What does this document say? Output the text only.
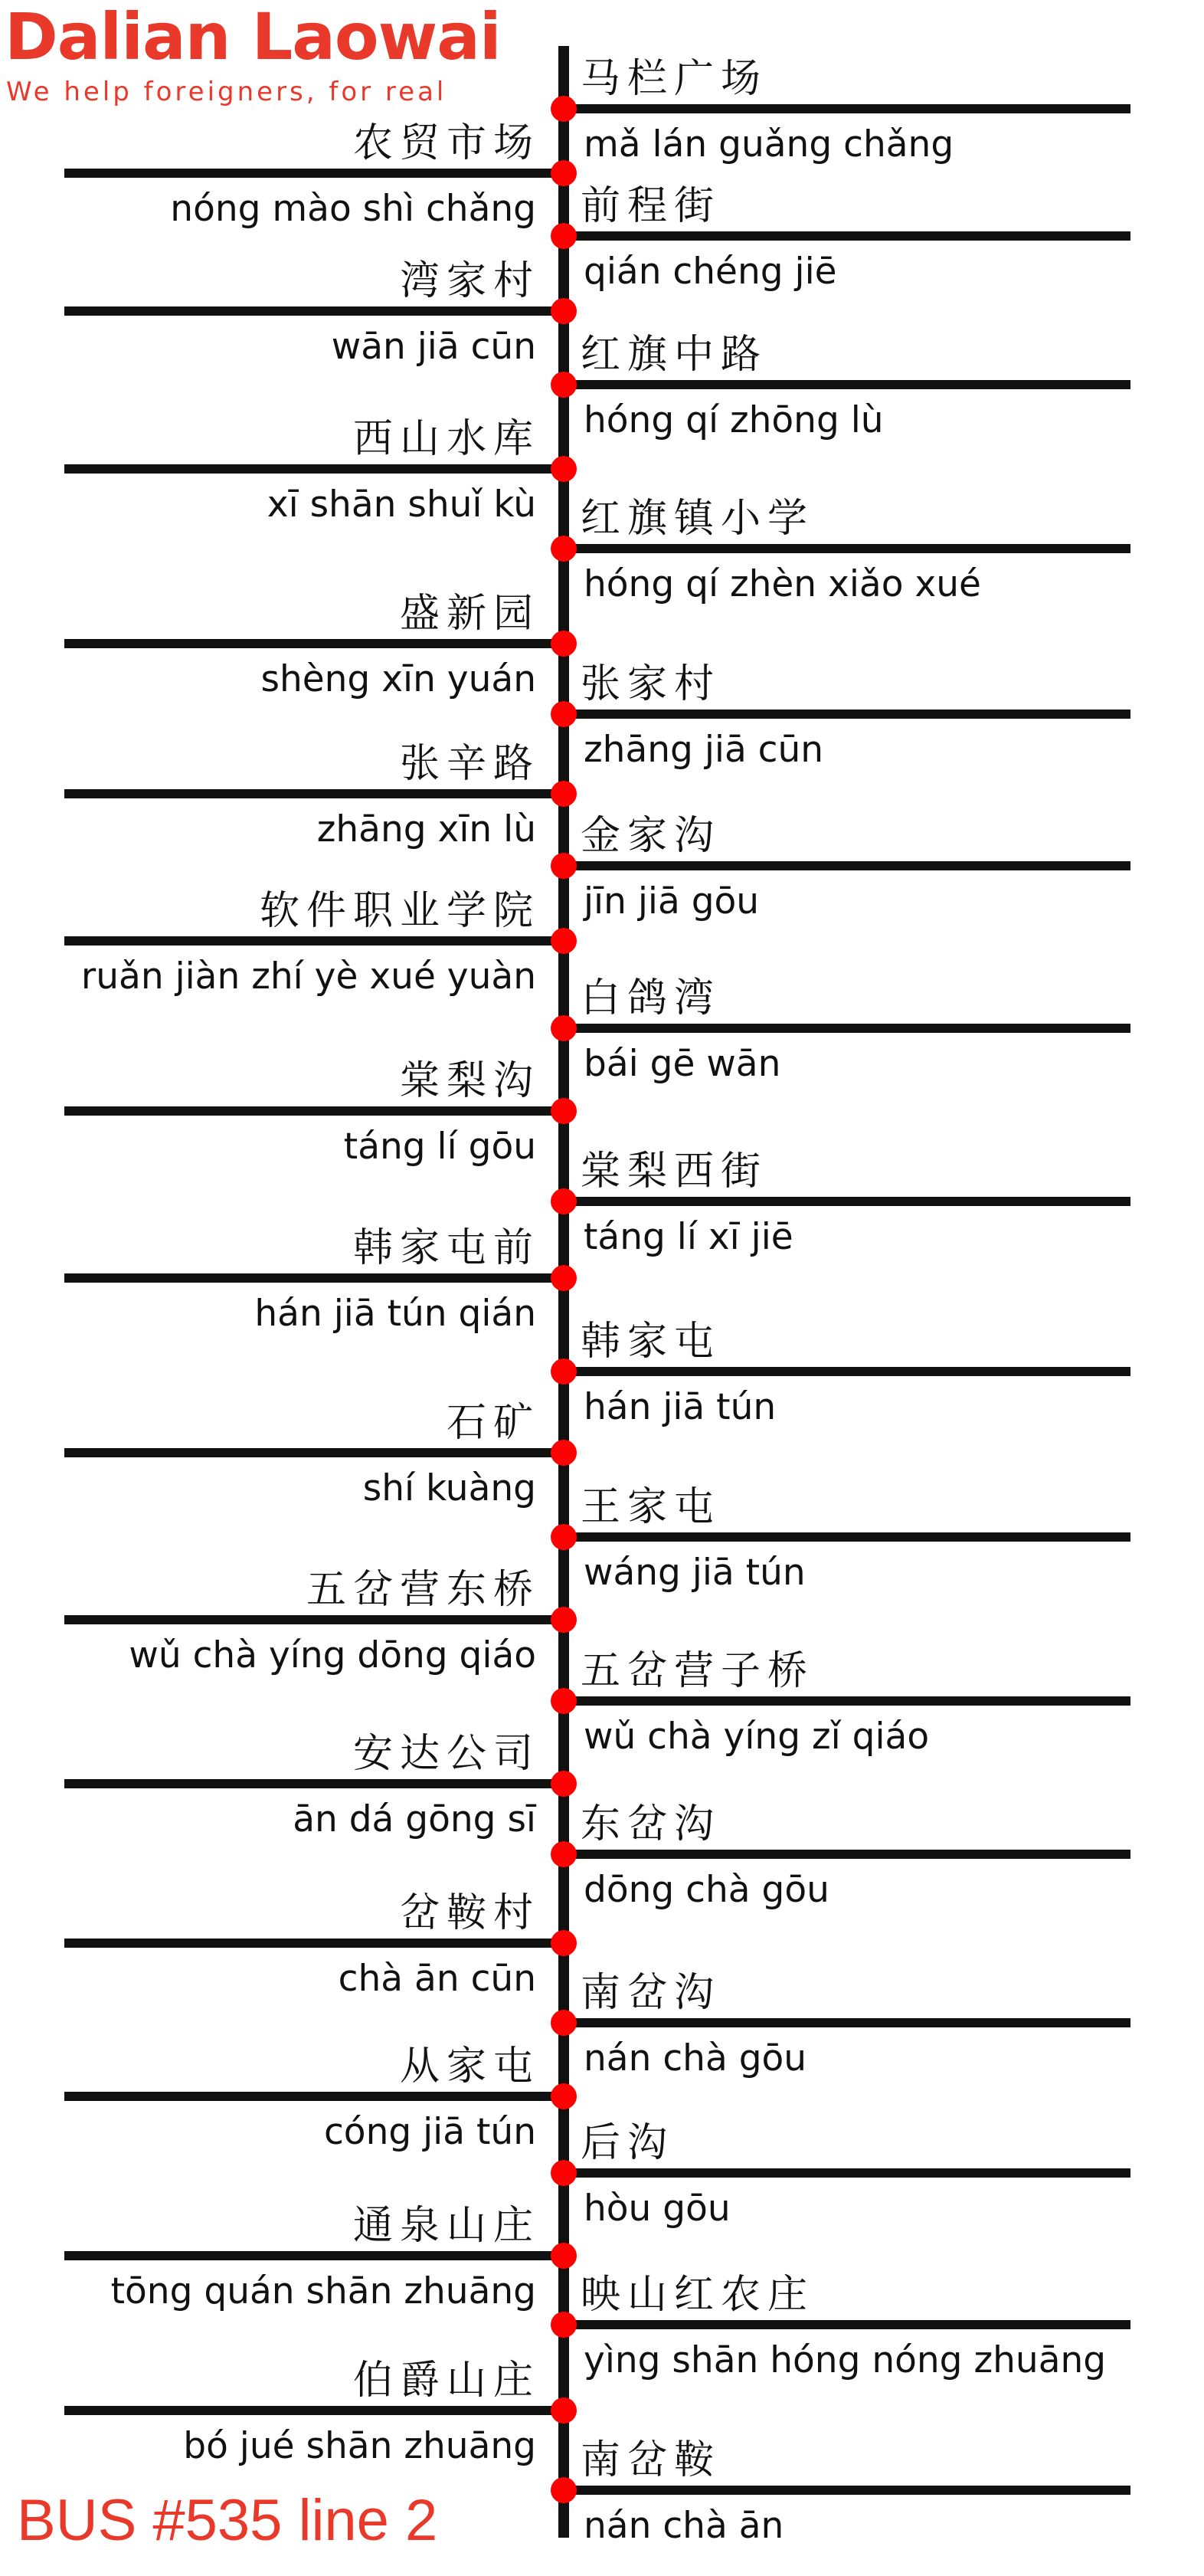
Dalian Laowai
We help foreigners, for real	马栏广场
mǎ lán guǎng chǎng
农贸市场
nóng mào shì chǎng 前程街
qián chéng jiē
湾家村
wān jiā cūn 红旗中路
hóng qí zhōng lù
西山水库
xī shān shuǐ kù 红旗镇小学
hóng qí zhèn xiǎo xué
盛新园
shèng xīn yuán 张家村
zhāng jiā cūn
张辛路
zhāng xīn lù 金家沟
jīn jiā gōu
软件职业学院
ruǎn jiàn zhí yè xué yuàn 白鸽湾
bái gē wān
棠梨沟
táng lí gōu
棠梨西街
táng lí xī jiē
韩家屯前
hán jiā tún qián
韩家屯
hán jiā tún
石矿
shí kuàng 王家屯
wáng jiā tún
五岔营东桥
wǔ chà yíng dōng qiáo 五岔营子桥
wǔ chà yíng zǐ qiáo
安达公司
ān dá gōng sī 东岔沟
dōng chà gōu
岔鞍村
chà ān cūn 南岔沟
nán chà gōu
从家屯
cóng jiā tún 后沟
hòu gōu
通泉山庄
tōng quán shān zhuāng 映山红农庄
yìng shān hóng nóng zhuāng
伯爵山庄
bó jué shān zhuāng 南岔鞍
nán chà ān
BUS #535 line 2
